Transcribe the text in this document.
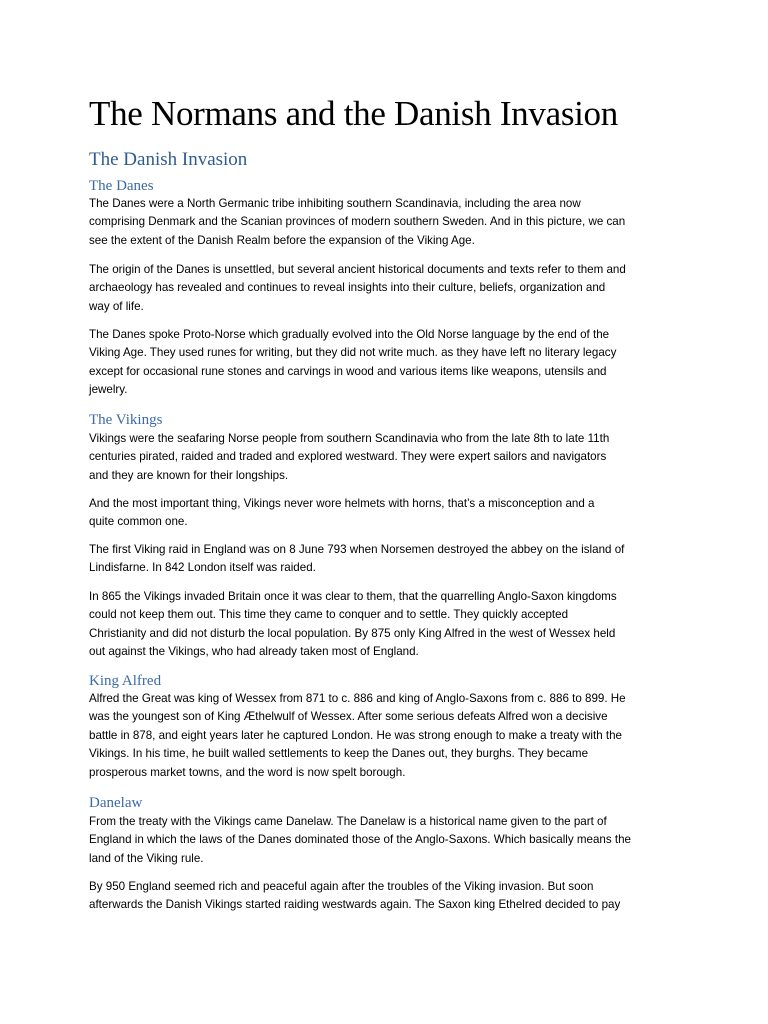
The Normans and the Danish Invasion
The Danish Invasion
The Danes
The Danes were a North Germanic tribe inhibiting southern Scandinavia, including the area now
comprising Denmark and the Scanian provinces of modern southern Sweden. And in this picture, we can
see the extent of the Danish Realm before the expansion of the Viking Age.
The origin of the Danes is unsettled, but several ancient historical documents and texts refer to them and
archaeology has revealed and continues to reveal insights into their culture, beliefs, organization and
way of life.
The Danes spoke Proto-Norse which gradually evolved into the Old Norse language by the end of the
Viking Age. They used runes for writing, but they did not write much. as they have left no literary legacy
except for occasional rune stones and carvings in wood and various items like weapons, utensils and
jewelry.
The Vikings
Vikings were the seafaring Norse people from southern Scandinavia who from the late 8th to late 11th
centuries pirated, raided and traded and explored westward. They were expert sailors and navigators
and they are known for their longships.
And the most important thing, Vikings never wore helmets with horns, that’s a misconception and a
quite common one.
The first Viking raid in England was on 8 June 793 when Norsemen destroyed the abbey on the island of
Lindisfarne. In 842 London itself was raided.
In 865 the Vikings invaded Britain once it was clear to them, that the quarrelling Anglo-Saxon kingdoms
could not keep them out. This time they came to conquer and to settle. They quickly accepted
Christianity and did not disturb the local population. By 875 only King Alfred in the west of Wessex held
out against the Vikings, who had already taken most of England.
King Alfred
Alfred the Great was king of Wessex from 871 to c. 886 and king of Anglo-Saxons from c. 886 to 899. He
was the youngest son of King Æthelwulf of Wessex. After some serious defeats Alfred won a decisive
battle in 878, and eight years later he captured London. He was strong enough to make a treaty with the
Vikings. In his time, he built walled settlements to keep the Danes out, they burghs. They became
prosperous market towns, and the word is now spelt borough.
Danelaw
From the treaty with the Vikings came Danelaw. The Danelaw is a historical name given to the part of
England in which the laws of the Danes dominated those of the Anglo-Saxons. Which basically means the
land of the Viking rule.
By 950 England seemed rich and peaceful again after the troubles of the Viking invasion. But soon
afterwards the Danish Vikings started raiding westwards again. The Saxon king Ethelred decided to pay
